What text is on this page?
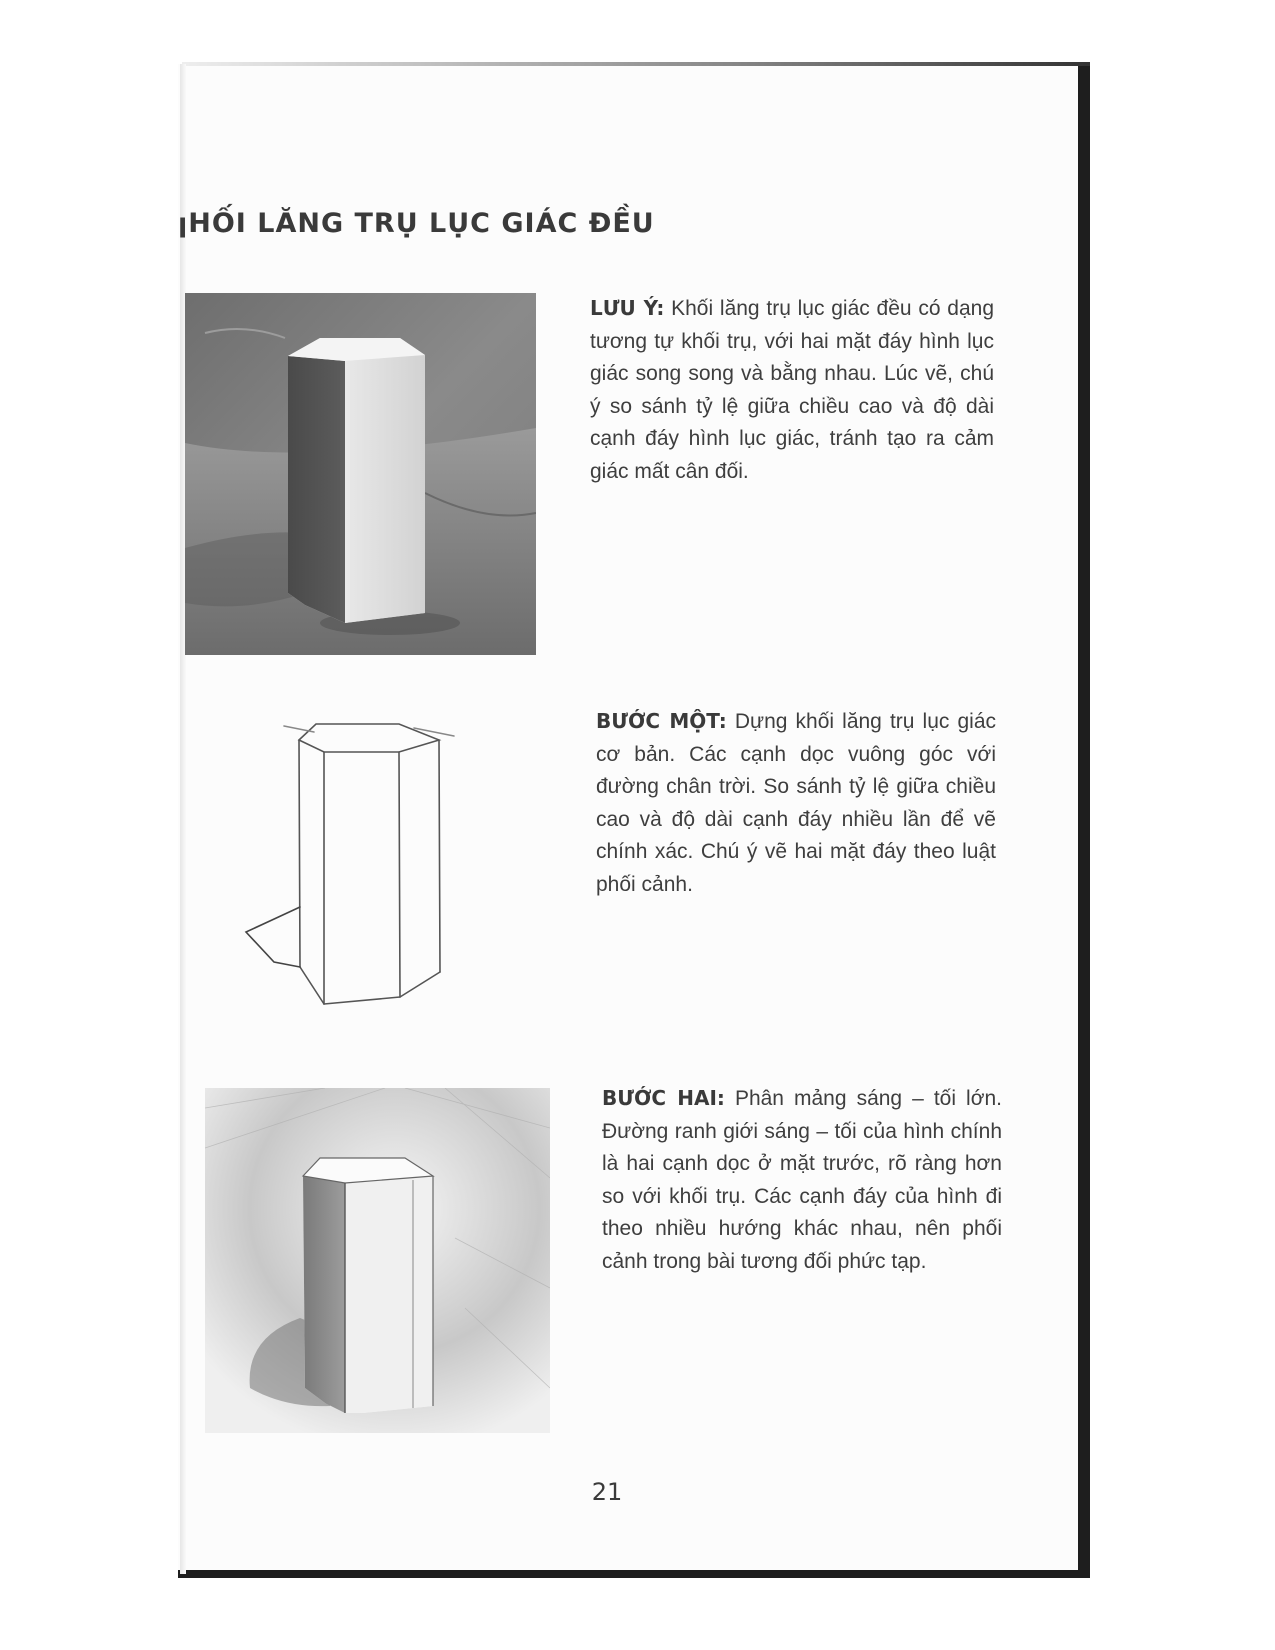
ꞁHỐI LĂNG TRỤ LỤC GIÁC ĐỀU

LƯU Ý: Khối lăng trụ lục giác đều có dạng tương tự khối trụ, với hai mặt đáy hình lục giác song song và bằng nhau. Lúc vẽ, chú ý so sánh tỷ lệ giữa chiều cao và độ dài cạnh đáy hình lục giác, tránh tạo ra cảm giác mất cân đối.

BƯỚC MỘT: Dựng khối lăng trụ lục giác cơ bản. Các cạnh dọc vuông góc với đường chân trời. So sánh tỷ lệ giữa chiều cao và độ dài cạnh đáy nhiều lần để vẽ chính xác. Chú ý vẽ hai mặt đáy theo luật phối cảnh.

BƯỚC HAI: Phân mảng sáng – tối lớn. Đường ranh giới sáng – tối của hình chính là hai cạnh dọc ở mặt trước, rõ ràng hơn so với khối trụ. Các cạnh đáy của hình đi theo nhiều hướng khác nhau, nên phối cảnh trong bài tương đối phức tạp.

21
